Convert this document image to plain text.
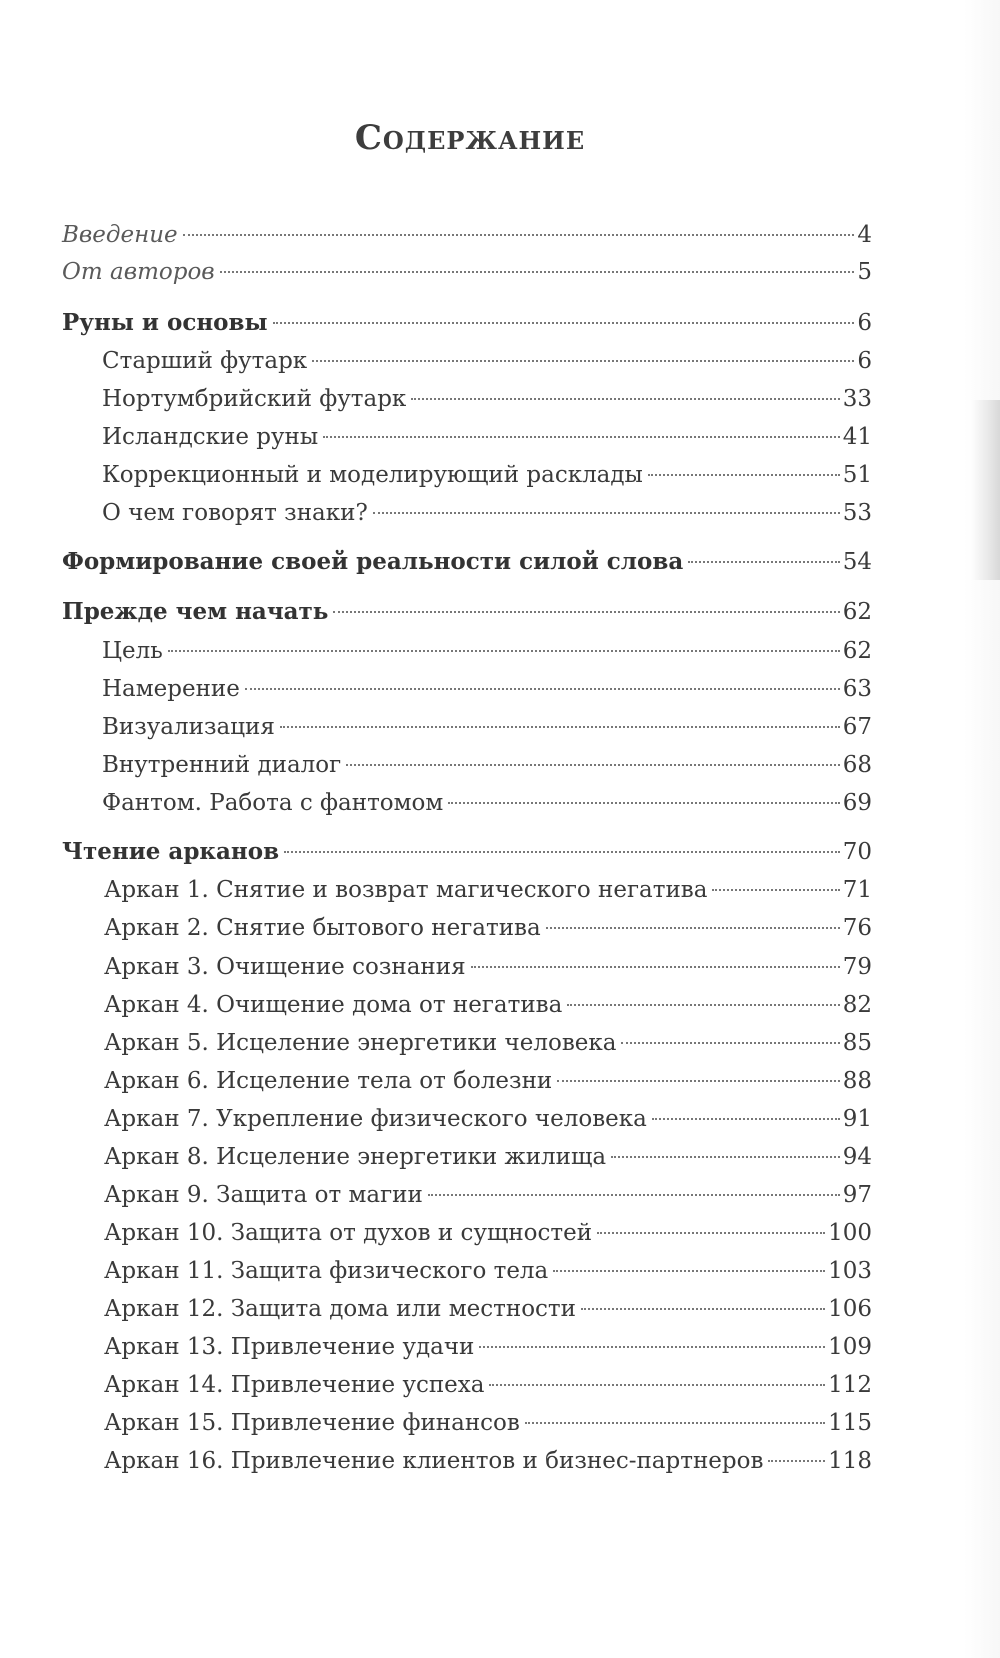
Содержание
Введение	4
От авторов	5
Руны и основы	6
Старший футарк	6
Нортумбрийский футарк	33
Исландские руны	41
Коррекционный и моделирующий расклады	51
О чем говорят знаки?	53
Формирование своей реальности силой слова	54
Прежде чем начать	62
Цель	62
Намерение	63
Визуализация	67
Внутренний диалог	68
Фантом. Работа с фантомом	69
Чтение арканов	70
Аркан 1. Снятие и возврат магического негатива	71
Аркан 2. Снятие бытового негатива	76
Аркан 3. Очищение сознания	79
Аркан 4. Очищение дома от негатива	82
Аркан 5. Исцеление энергетики человека	85
Аркан 6. Исцеление тела от болезни	88
Аркан 7. Укрепление физического человека	91
Аркан 8. Исцеление энергетики жилища	94
Аркан 9. Защита от магии	97
Аркан 10. Защита от духов и сущностей	100
Аркан 11. Защита физического тела	103
Аркан 12. Защита дома или местности	106
Аркан 13. Привлечение удачи	109
Аркан 14. Привлечение успеха	112
Аркан 15. Привлечение финансов	115
Аркан 16. Привлечение клиентов и бизнес-партнеров	118
